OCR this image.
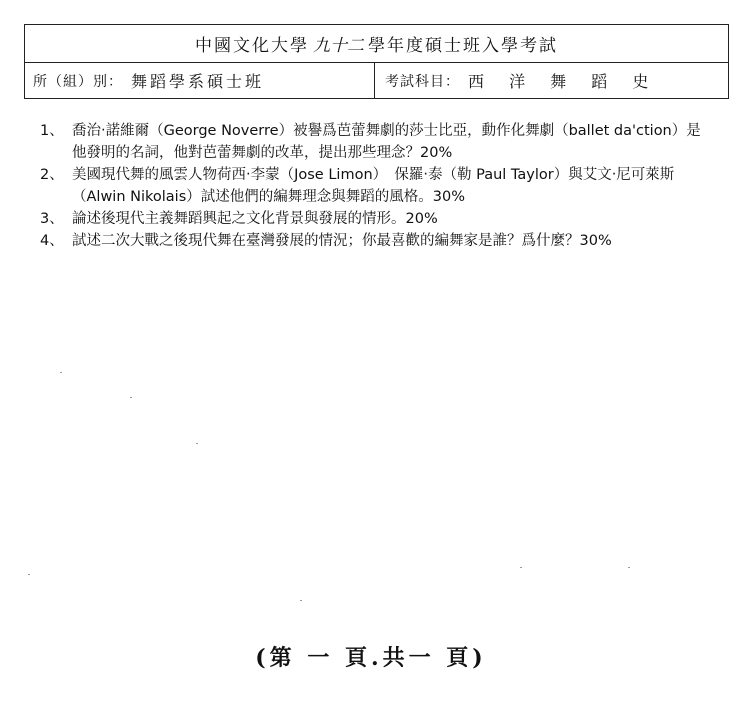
中國文化大學 九十二 學年度碩士班入學考試
所（組）別： 舞蹈學系碩士班	考試科目： 西 洋 舞 蹈 史
1、 喬治‧諾維爾（George Noverre）被譽爲芭蕾舞劇的莎士比亞，動作化舞劇（ballet da'ction）是他發明的名詞，他對芭蕾舞劇的改革，提出那些理念？20%
2、 美國現代舞的風雲人物荷西‧李蒙（Jose Limon）　保羅‧泰（勒 Paul Taylor）與艾文‧尼可萊斯（Alwin Nikolais）試述他們的編舞理念與舞蹈的風格。30%
3、 論述後現代主義舞蹈興起之文化背景與發展的情形。20%
4、 試述二次大戰之後現代舞在臺灣發展的情況；你最喜歡的編舞家是誰？爲什麼？30%
(第 一 頁.共一 頁)
